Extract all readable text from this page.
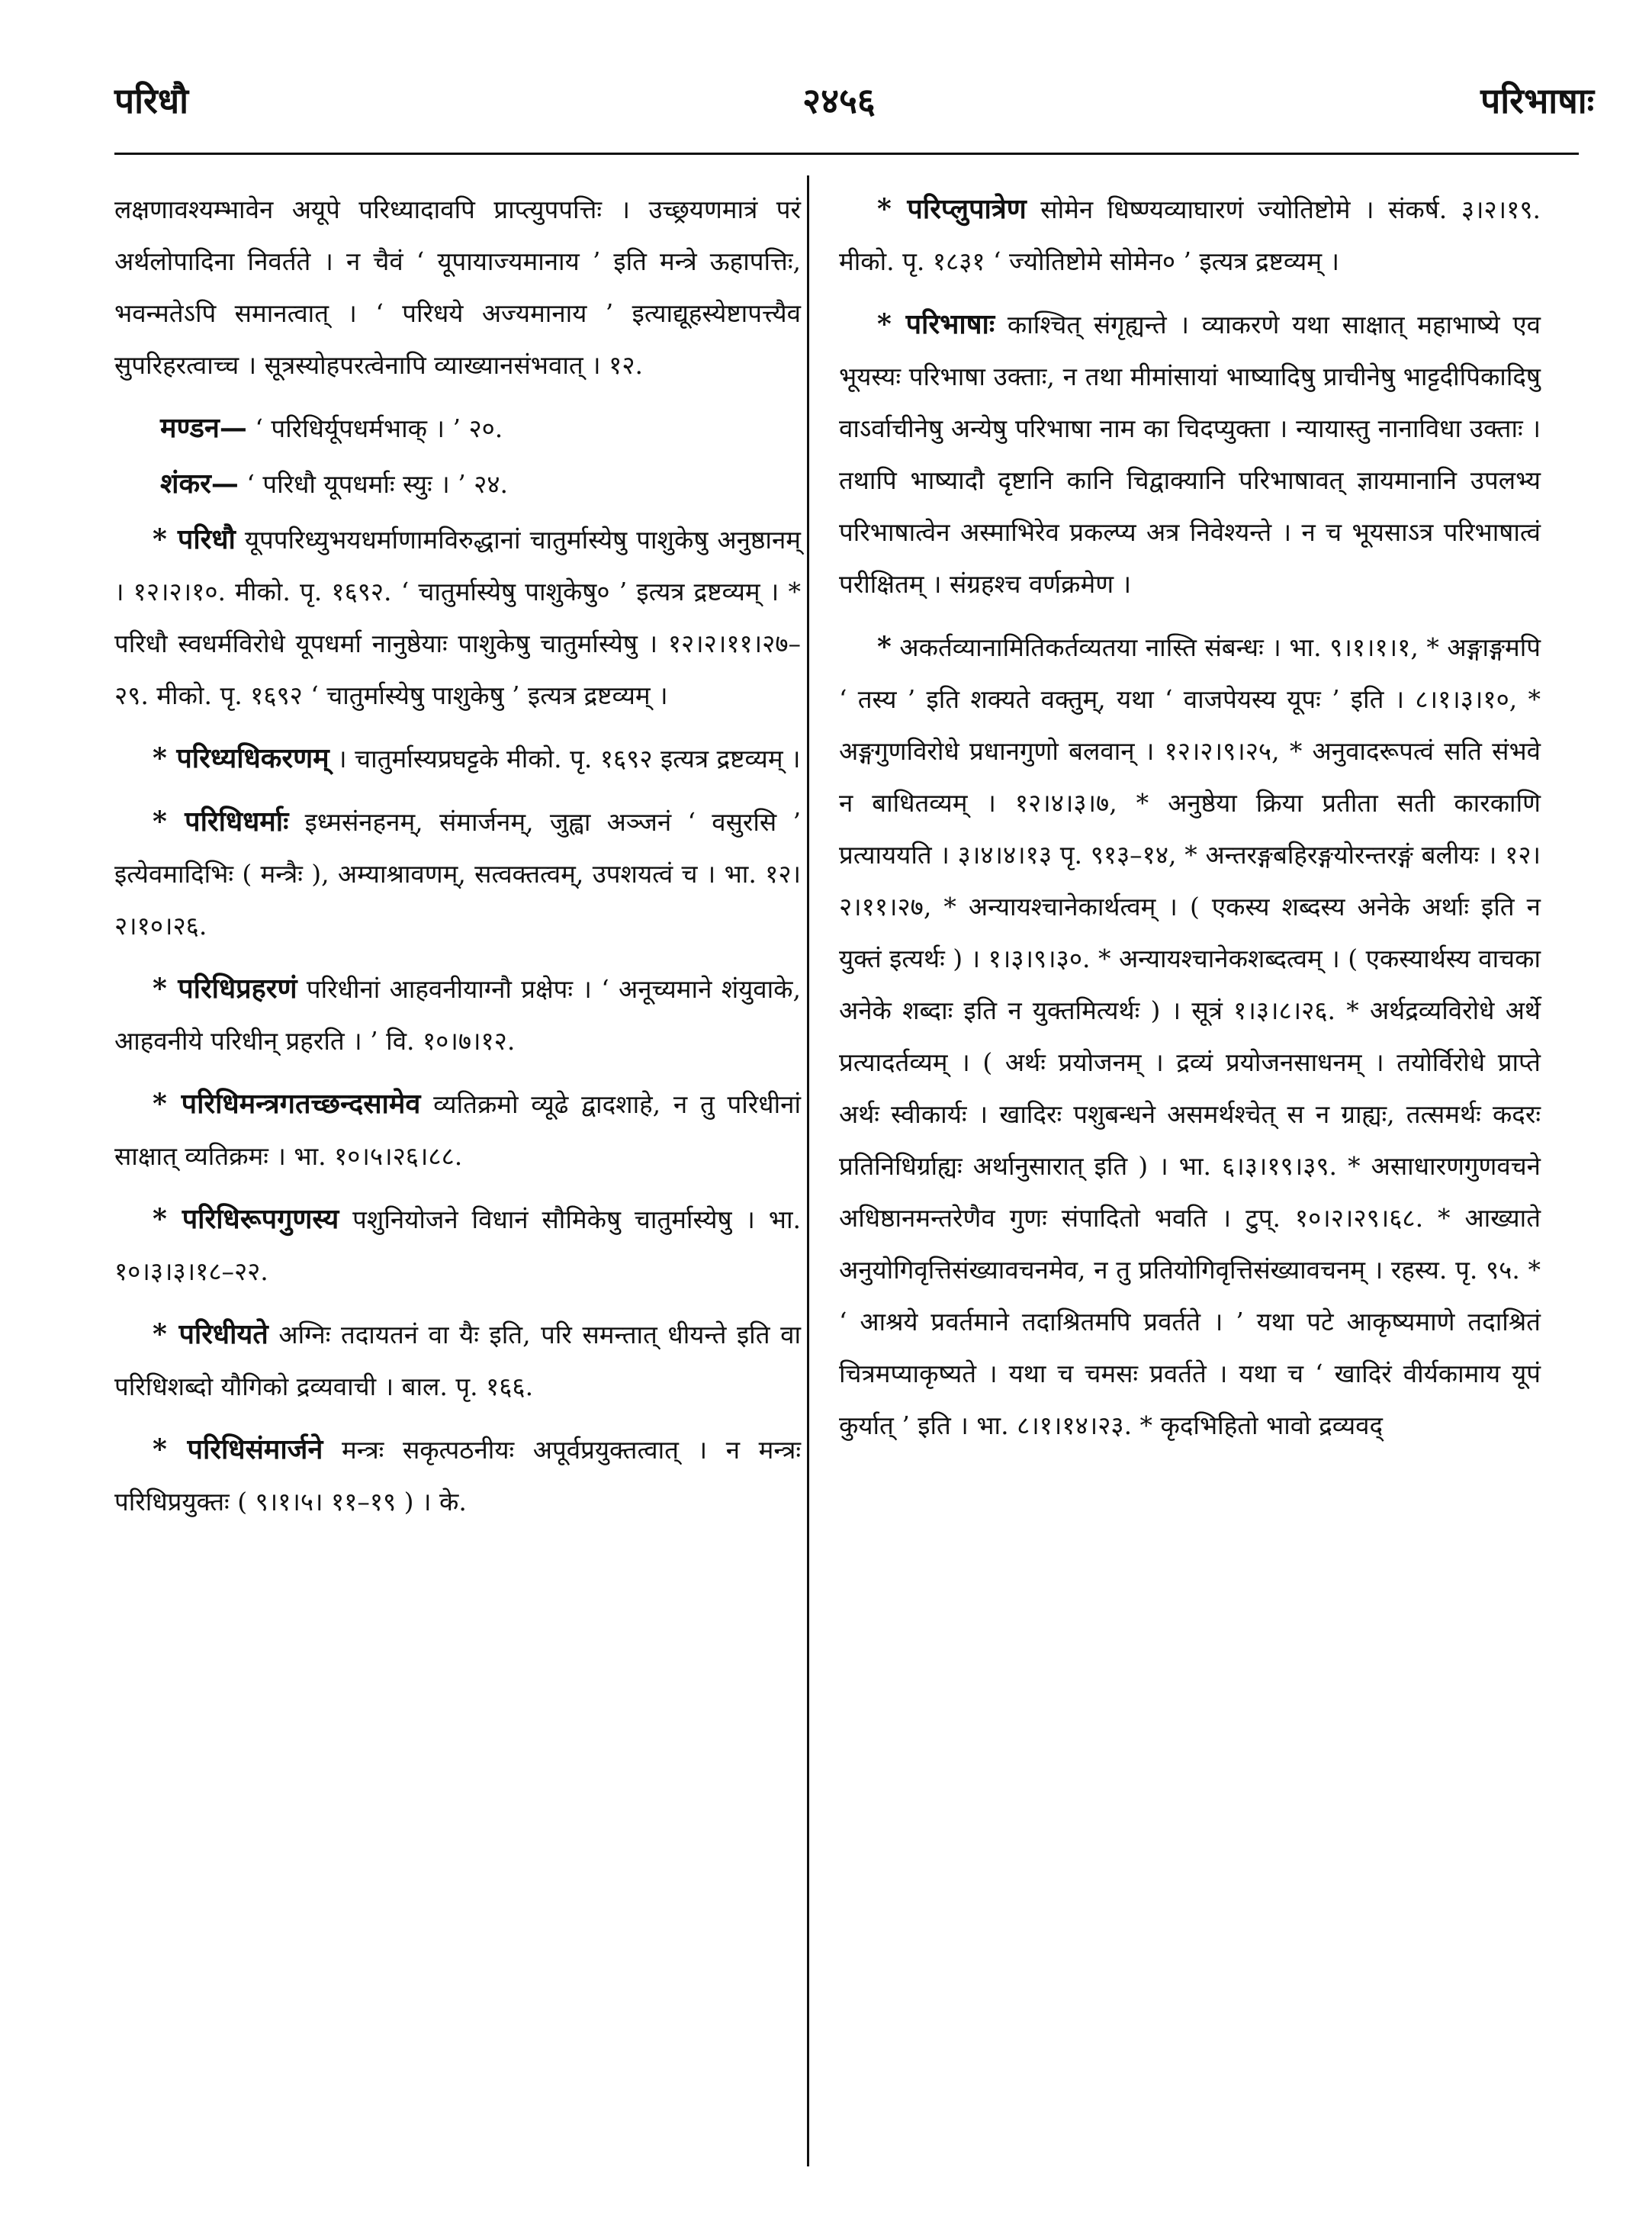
परिधौ	२४५६	परिभाषाः

लक्षणावश्यम्भावेन अयूपे परिध्यादावपि प्राप्त्युपपत्तिः । उच्छ्रयणमात्रं परं अर्थलोपादिना निवर्तते । न चैवं ‘ यूपायाज्यमानाय ’ इति मन्त्रे ऊहापत्तिः, भवन्मतेऽपि समानत्वात् । ‘ परिधये अज्यमानाय ’ इत्याद्यूहस्येष्टापत्त्यैव सुपरिहरत्वाच्च । सूत्रस्योहपरत्वेनापि व्याख्यानसंभवात् । १२.

मण्डन— ‘ परिधिर्यूपधर्मभाक् । ’ २०.

शंकर— ‘ परिधौ यूपधर्माः स्युः । ’ २४.

* परिधौ यूपपरिध्युभयधर्माणामविरुद्धानां चातुर्मास्येषु पाशुकेषु अनुष्ठानम् । १२।२।१०. मीको. पृ. १६९२. ‘ चातुर्मास्येषु पाशुकेषु० ’ इत्यत्र द्रष्टव्यम् । * परिधौ स्वधर्मविरोधे यूपधर्मा नानुष्ठेयाः पाशुकेषु चातुर्मास्येषु । १२।२।११।२७–२९. मीको. पृ. १६९२ ‘ चातुर्मास्येषु पाशुकेषु ’ इत्यत्र द्रष्टव्यम् ।

* परिध्यधिकरणम् । चातुर्मास्यप्रघट्टके मीको. पृ. १६९२ इत्यत्र द्रष्टव्यम् ।

* परिधिधर्माः इध्मसंनहनम्, संमार्जनम्, जुह्वा अञ्जनं ‘ वसुरसि ’ इत्येवमादिभिः ( मन्त्रैः ), अम्याश्रावणम्, सत्वक्तत्वम्, उपशयत्वं च । भा. १२।२।१०।२६.

* परिधिप्रहरणं परिधीनां आहवनीयाग्नौ प्रक्षेपः । ‘ अनूच्यमाने शंयुवाके, आहवनीये परिधीन् प्रहरति । ’ वि. १०।७।१२.

* परिधिमन्त्रगतच्छन्दसामेव व्यतिक्रमो व्यूढे द्वादशाहे, न तु परिधीनां साक्षात् व्यतिक्रमः । भा. १०।५।२६।८८.

* परिधिरूपगुणस्य पशुनियोजने विधानं सौमिकेषु चातुर्मास्येषु । भा. १०।३।३।१८–२२.

* परिधीयते अग्निः तदायतनं वा यैः इति, परि समन्तात् धीयन्ते इति वा परिधिशब्दो यौगिको द्रव्यवाची । बाल. पृ. १६६.

* परिधिसंमार्जने मन्त्रः सकृत्पठनीयः अपूर्वप्रयुक्तत्वात् । न मन्त्रः परिधिप्रयुक्तः ( ९।१।५। ११–१९ ) । के.

* परिप्लुपात्रेण सोमेन धिष्ण्यव्याघारणं ज्योतिष्टोमे । संकर्ष. ३।२।१९. मीको. पृ. १८३१ ‘ ज्योतिष्टोमे सोमेन० ’ इत्यत्र द्रष्टव्यम् ।

* परिभाषाः काश्चित् संगृह्यन्ते । व्याकरणे यथा साक्षात् महाभाष्ये एव भूयस्यः परिभाषा उक्ताः, न तथा मीमांसायां भाष्यादिषु प्राचीनेषु भाट्टदीपिकादिषु वाऽर्वाचीनेषु अन्येषु परिभाषा नाम का चिदप्युक्ता । न्यायास्तु नानाविधा उक्ताः । तथापि भाष्यादौ दृष्टानि कानि चिद्वाक्यानि परिभाषावत् ज्ञायमानानि उपलभ्य परिभाषात्वेन अस्माभिरेव प्रकल्प्य अत्र निवेश्यन्ते । न च भूयसाऽत्र परिभाषात्वं परीक्षितम् । संग्रहश्च वर्णक्रमेण ।

* अकर्तव्यानामितिकर्तव्यतया नास्ति संबन्धः । भा. ९।१।१।१, * अङ्गाङ्गमपि ‘ तस्य ’ इति शक्यते वक्तुम्, यथा ‘ वाजपेयस्य यूपः ’ इति । ८।१।३।१०, * अङ्गगुणविरोधे प्रधानगुणो बलवान् । १२।२।९।२५, * अनुवादरूपत्वं सति संभवे न बाधितव्यम् । १२।४।३।७, * अनुष्ठेया क्रिया प्रतीता सती कारकाणि प्रत्याययति । ३।४।४।१३ पृ. ९१३–१४, * अन्तरङ्गबहिरङ्गयोरन्तरङ्गं बलीयः । १२।२।११।२७, * अन्यायश्चानेकार्थत्वम् । ( एकस्य शब्दस्य अनेके अर्थाः इति न युक्तं इत्यर्थः ) । १।३।९।३०. * अन्यायश्चानेकशब्दत्वम् । ( एकस्यार्थस्य वाचका अनेके शब्दाः इति न युक्तमित्यर्थः ) । सूत्रं १।३।८।२६. * अर्थद्रव्यविरोधे अर्थे प्रत्यादर्तव्यम् । ( अर्थः प्रयोजनम् । द्रव्यं प्रयोजनसाधनम् । तयोर्विरोधे प्राप्ते अर्थः स्वीकार्यः । खादिरः पशुबन्धने असमर्थश्चेत् स न ग्राह्यः, तत्समर्थः कदरः प्रतिनिधिर्ग्राह्यः अर्थानुसारात् इति ) । भा. ६।३।१९।३९. * असाधारणगुणवचने अधिष्ठानमन्तरेणैव गुणः संपादितो भवति । टुप्. १०।२।२९।६८. * आख्याते अनुयोगिवृत्तिसंख्यावचनमेव, न तु प्रतियोगिवृत्तिसंख्यावचनम् । रहस्य. पृ. ९५. * ‘ आश्रये प्रवर्तमाने तदाश्रितमपि प्रवर्तते । ’ यथा पटे आकृष्यमाणे तदाश्रितं चित्रमप्याकृष्यते । यथा च चमसः प्रवर्तते । यथा च ‘ खादिरं वीर्यकामाय यूपं कुर्यात् ’ इति । भा. ८।१।१४।२३. * कृदभिहितो भावो द्रव्यवद्
